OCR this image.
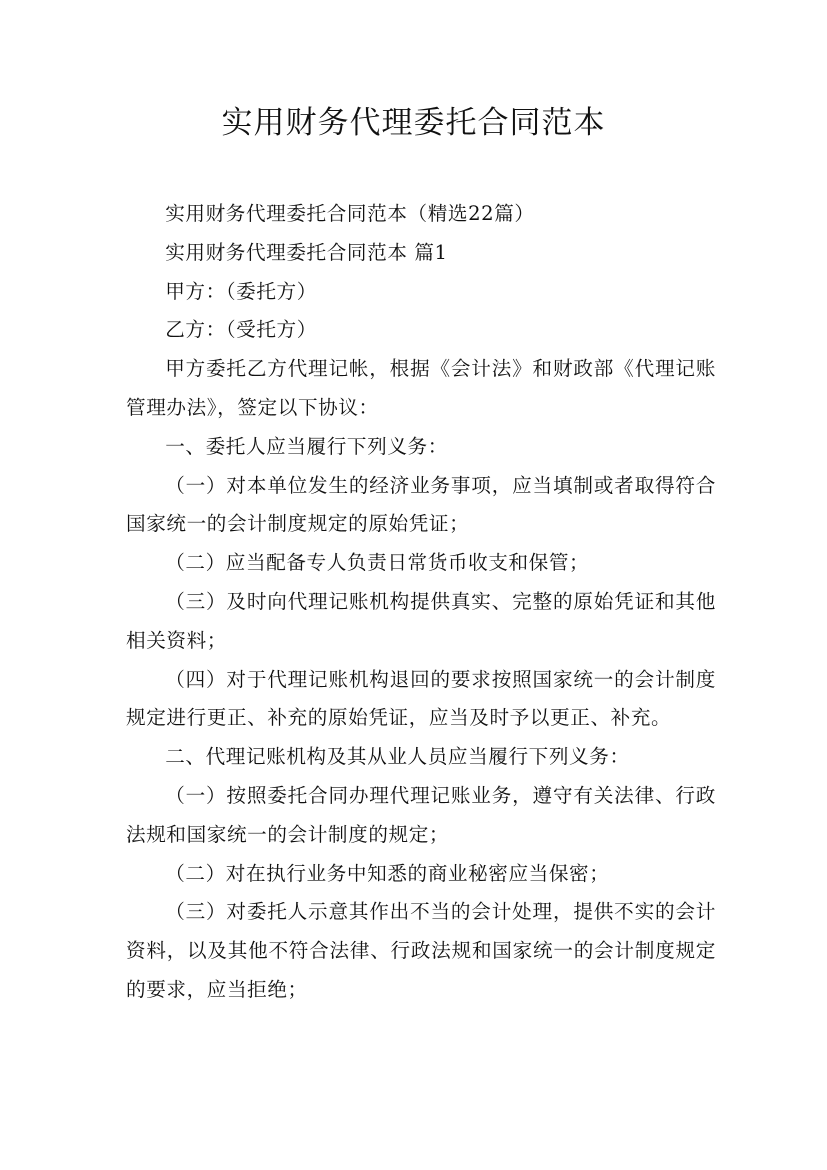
实用财务代理委托合同范本

实用财务代理委托合同范本（精选22篇）

实用财务代理委托合同范本 篇1

甲方：（委托方）

乙方：（受托方）

甲方委托乙方代理记帐，根据《会计法》和财政部《代理记账管理办法》，签定以下协议：

一、委托人应当履行下列义务：

（一）对本单位发生的经济业务事项，应当填制或者取得符合国家统一的会计制度规定的原始凭证；

（二）应当配备专人负责日常货币收支和保管；

（三）及时向代理记账机构提供真实、完整的原始凭证和其他相关资料；

（四）对于代理记账机构退回的要求按照国家统一的会计制度规定进行更正、补充的原始凭证，应当及时予以更正、补充。

二、代理记账机构及其从业人员应当履行下列义务：

（一）按照委托合同办理代理记账业务，遵守有关法律、行政法规和国家统一的会计制度的规定；

（二）对在执行业务中知悉的商业秘密应当保密；

（三）对委托人示意其作出不当的会计处理，提供不实的会计资料，以及其他不符合法律、行政法规和国家统一的会计制度规定的要求，应当拒绝；
